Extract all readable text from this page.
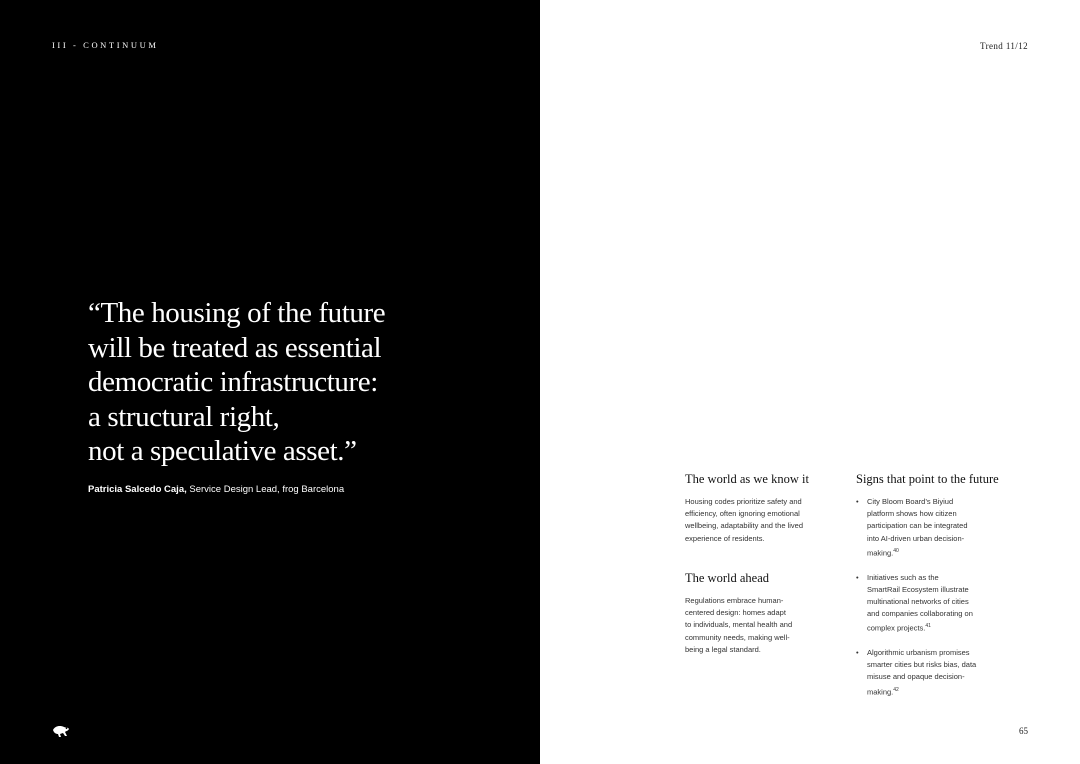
III - CONTINUUM
“The housing of the future
will be treated as essential
democratic infrastructure:
a structural right,
not a speculative asset.”
Patricia Salcedo Caja, Service Design Lead, frog Barcelona
Trend 11/12
The world as we know it

Housing codes prioritize safety and
efficiency, often ignoring emotional
wellbeing, adaptability and the lived
experience of residents.

The world ahead

Regulations embrace human-
centered design: homes adapt
to individuals, mental health and
community needs, making well-
being a legal standard.

Signs that point to the future
• City Bloom Board’s Biyiud
platform shows how citizen
participation can be integrated
into AI-driven urban decision-
making.$^{40}$

• Initiatives such as the
SmartRail Ecosystem illustrate
multinational networks of cities
and companies collaborating on
complex projects.$^{41}$

• Algorithmic urbanism promises
smarter cities but risks bias, data
misuse and opaque decision-
making.$^{42}$

65
